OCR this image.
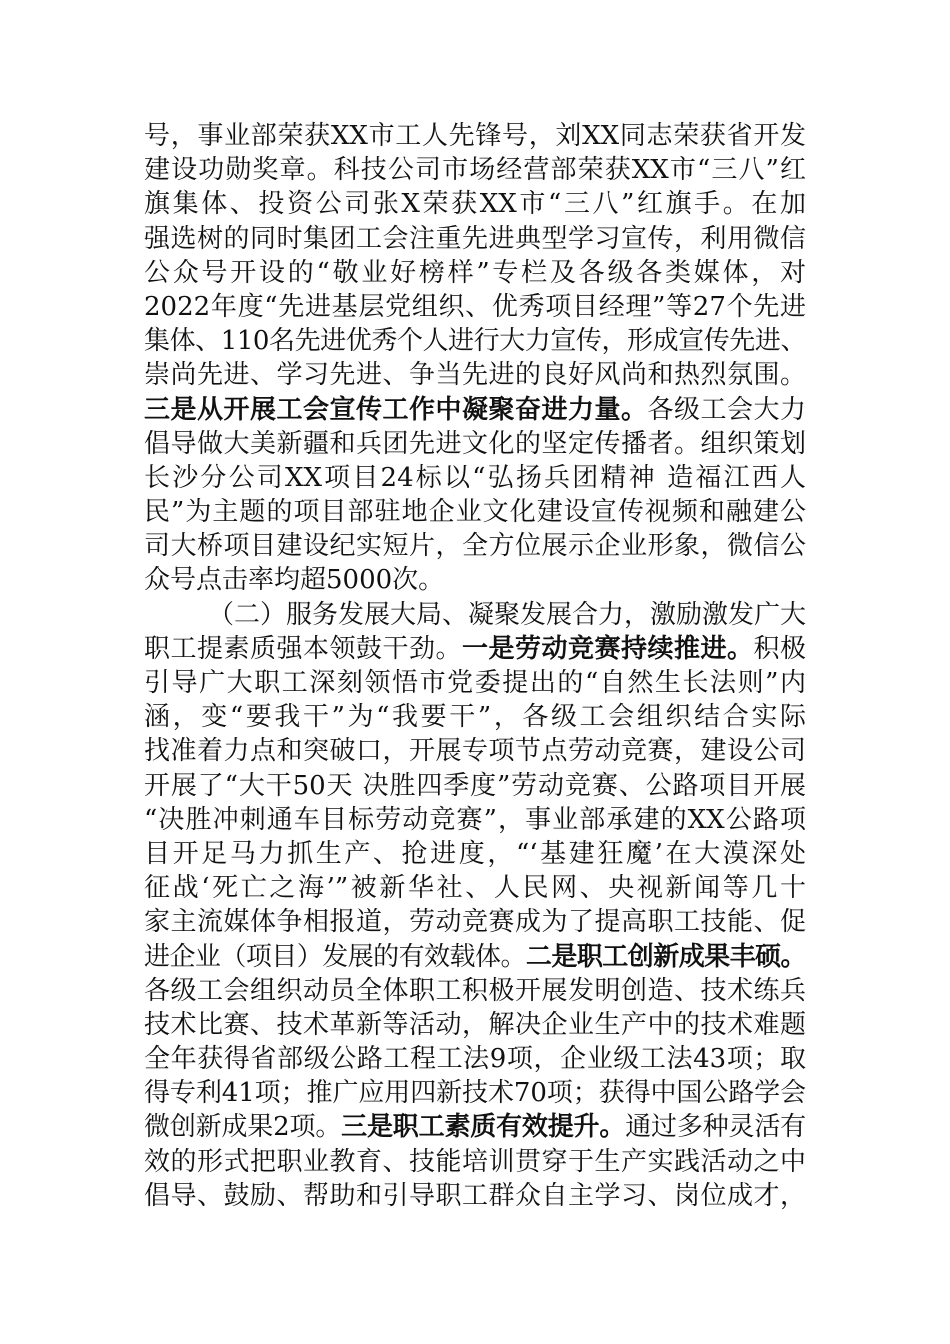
号，事业部荣获XX市工人先锋号，刘XX同志荣获省开发
建设功勋奖章。科技公司市场经营部荣获XX市“三八”红
旗集体、投资公司张X荣获XX市“三八”红旗手。在加
强选树的同时集团工会注重先进典型学习宣传，利用微信
公众号开设的“敬业好榜样”专栏及各级各类媒体，对
2022年度“先进基层党组织、优秀项目经理”等27个先进
集体、110名先进优秀个人进行大力宣传，形成宣传先进、
崇尚先进、学习先进、争当先进的良好风尚和热烈氛围。
三是从开展工会宣传工作中凝聚奋进力量。各级工会大力
倡导做大美新疆和兵团先进文化的坚定传播者。组织策划
长沙分公司XX项目24标以“弘扬兵团精神 造福江西人
民”为主题的项目部驻地企业文化建设宣传视频和融建公
司大桥项目建设纪实短片，全方位展示企业形象，微信公
众号点击率均超5000次。
（二）服务发展大局、凝聚发展合力，激励激发广大
职工提素质强本领鼓干劲。一是劳动竞赛持续推进。积极
引导广大职工深刻领悟市党委提出的“自然生长法则”内
涵，变“要我干”为“我要干”，各级工会组织结合实际
找准着力点和突破口，开展专项节点劳动竞赛，建设公司
开展了“大干50天 决胜四季度”劳动竞赛、公路项目开展
“决胜冲刺通车目标劳动竞赛”，事业部承建的XX公路项
目开足马力抓生产、抢进度，“‘基建狂魔’在大漠深处
征战‘死亡之海’”被新华社、人民网、央视新闻等几十
家主流媒体争相报道，劳动竞赛成为了提高职工技能、促
进企业（项目）发展的有效载体。二是职工创新成果丰硕。
各级工会组织动员全体职工积极开展发明创造、技术练兵
技术比赛、技术革新等活动，解决企业生产中的技术难题
全年获得省部级公路工程工法9项，企业级工法43项；取
得专利41项；推广应用四新技术70项；获得中国公路学会
微创新成果2项。三是职工素质有效提升。通过多种灵活有
效的形式把职业教育、技能培训贯穿于生产实践活动之中
倡导、鼓励、帮助和引导职工群众自主学习、岗位成才，
